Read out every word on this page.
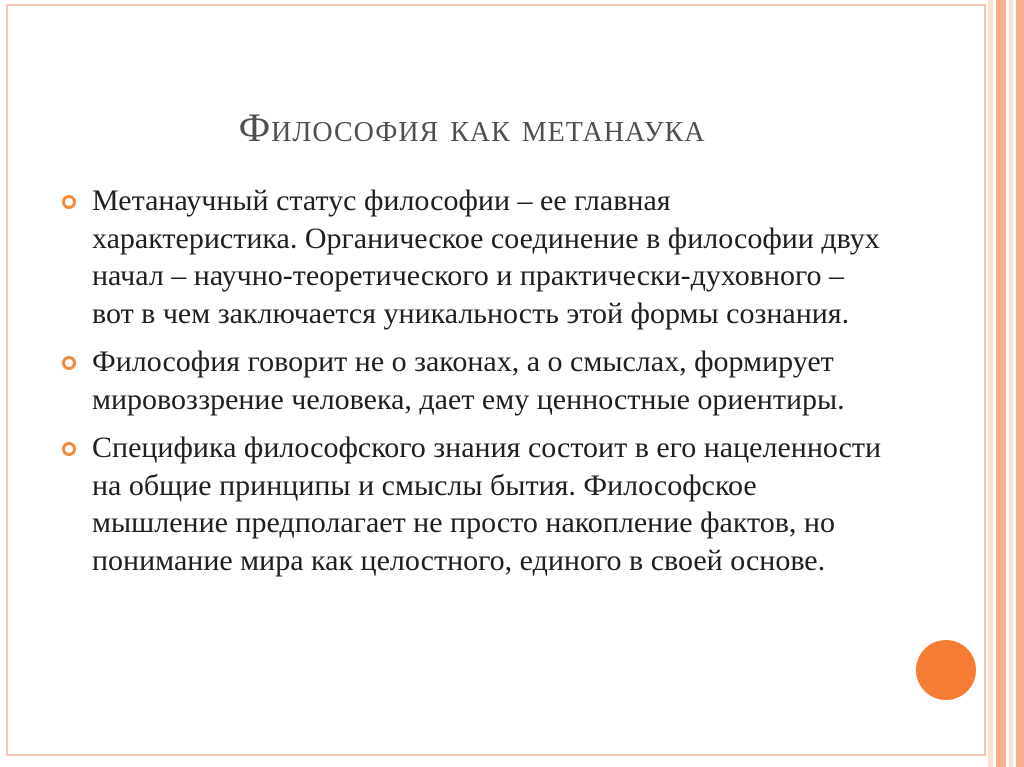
Философия как метанаука
Метанаучный статус философии – ее главная характеристика. Органическое соединение в философии двух начал – научно-теоретического и практически-духовного – вот в чем заключается уникальность этой формы сознания.
Философия говорит не о законах, а о смыслах, формирует мировоззрение человека, дает ему ценностные ориентиры.
Специфика философского знания состоит в его нацеленности на общие принципы и смыслы бытия. Философское мышление предполагает не просто накопление фактов, но понимание мира как целостного, единого в своей основе.
